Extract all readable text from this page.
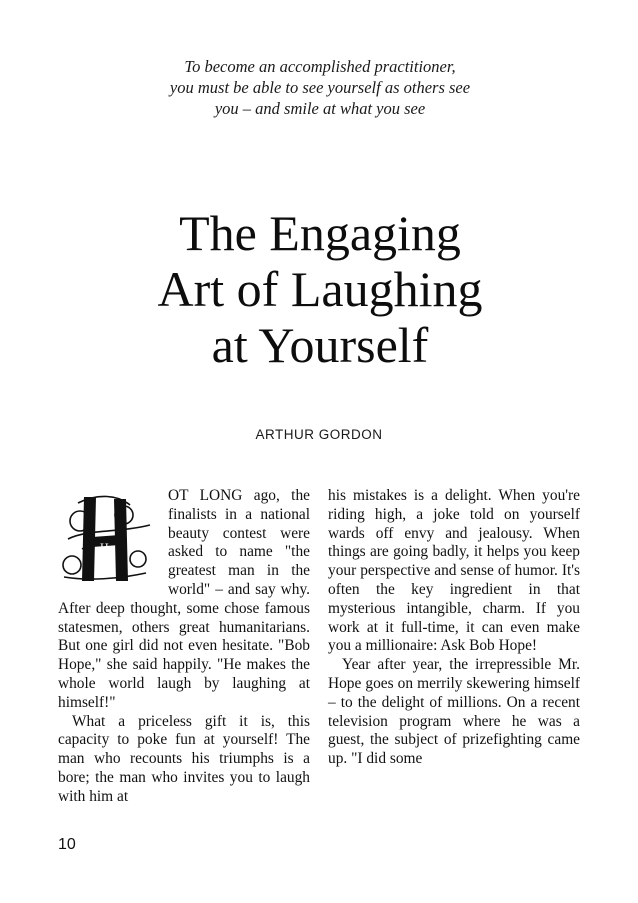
To become an accomplished practitioner,
you must be able to see yourself as others see
you – and smile at what you see
The Engaging
Art of Laughing
at Yourself
ARTHUR GORDON
H

OT LONG ago, the finalists in a national beauty contest were asked to name "the greatest man in the world" – and say why. After deep thought, some chose famous statesmen, others great humanitarians. But one girl did not even hesitate. "Bob Hope," she said happily. "He makes the whole world laugh by laughing at himself!"

What a priceless gift it is, this capacity to poke fun at yourself! The man who recounts his triumphs is a bore; the man who invites you to laugh with him at

his mistakes is a delight. When you're riding high, a joke told on yourself wards off envy and jealousy. When things are going badly, it helps you keep your perspective and sense of humor. It's often the key ingredient in that mysterious intangible, charm. If you work at it full-time, it can even make you a millionaire: Ask Bob Hope!

Year after year, the irrepressible Mr. Hope goes on merrily skewering himself – to the delight of millions. On a recent television program where he was a guest, the subject of prizefighting came up. "I did some

10
